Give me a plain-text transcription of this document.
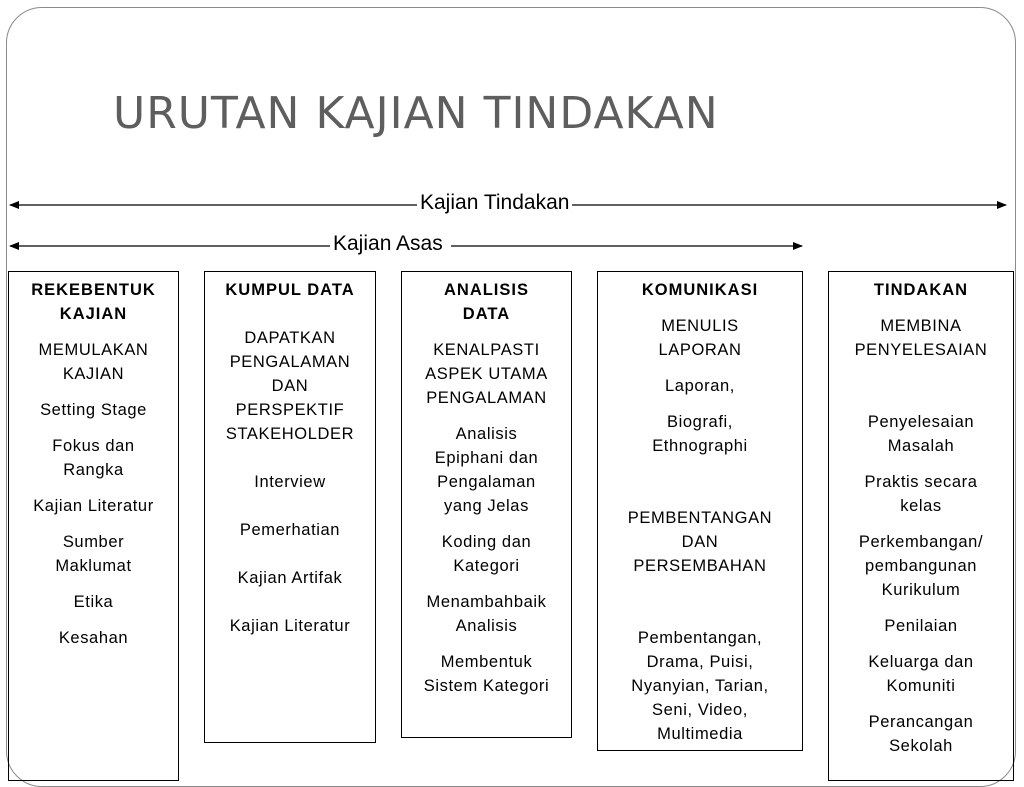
URUTAN KAJIAN TINDAKAN
Kajian Tindakan
Kajian Asas
REKEBENTUK
KAJIAN

MEMULAKAN
KAJIAN

Setting Stage

Fokus dan
Rangka

Kajian Literatur

Sumber
Maklumat

Etika

Kesahan

KUMPUL DATA

DAPATKAN
PENGALAMAN
DAN
PERSPEKTIF
STAKEHOLDER

Interview

Pemerhatian

Kajian Artifak

Kajian Literatur

ANALISIS
DATA

KENALPASTI
ASPEK UTAMA
PENGALAMAN

Analisis
Epiphani dan
Pengalaman
yang Jelas

Koding dan
Kategori

Menambahbaik
Analisis

Membentuk
Sistem Kategori

KOMUNIKASI

MENULIS
LAPORAN

Laporan,

Biografi,
Ethnographi

PEMBENTANGAN
DAN
PERSEMBAHAN

Pembentangan,
Drama, Puisi,
Nyanyian, Tarian,
Seni, Video,
Multimedia

TINDAKAN

MEMBINA
PENYELESAIAN

Penyelesaian
Masalah

Praktis secara
kelas

Perkembangan/
pembangunan
Kurikulum

Penilaian

Keluarga dan
Komuniti

Perancangan
Sekolah
